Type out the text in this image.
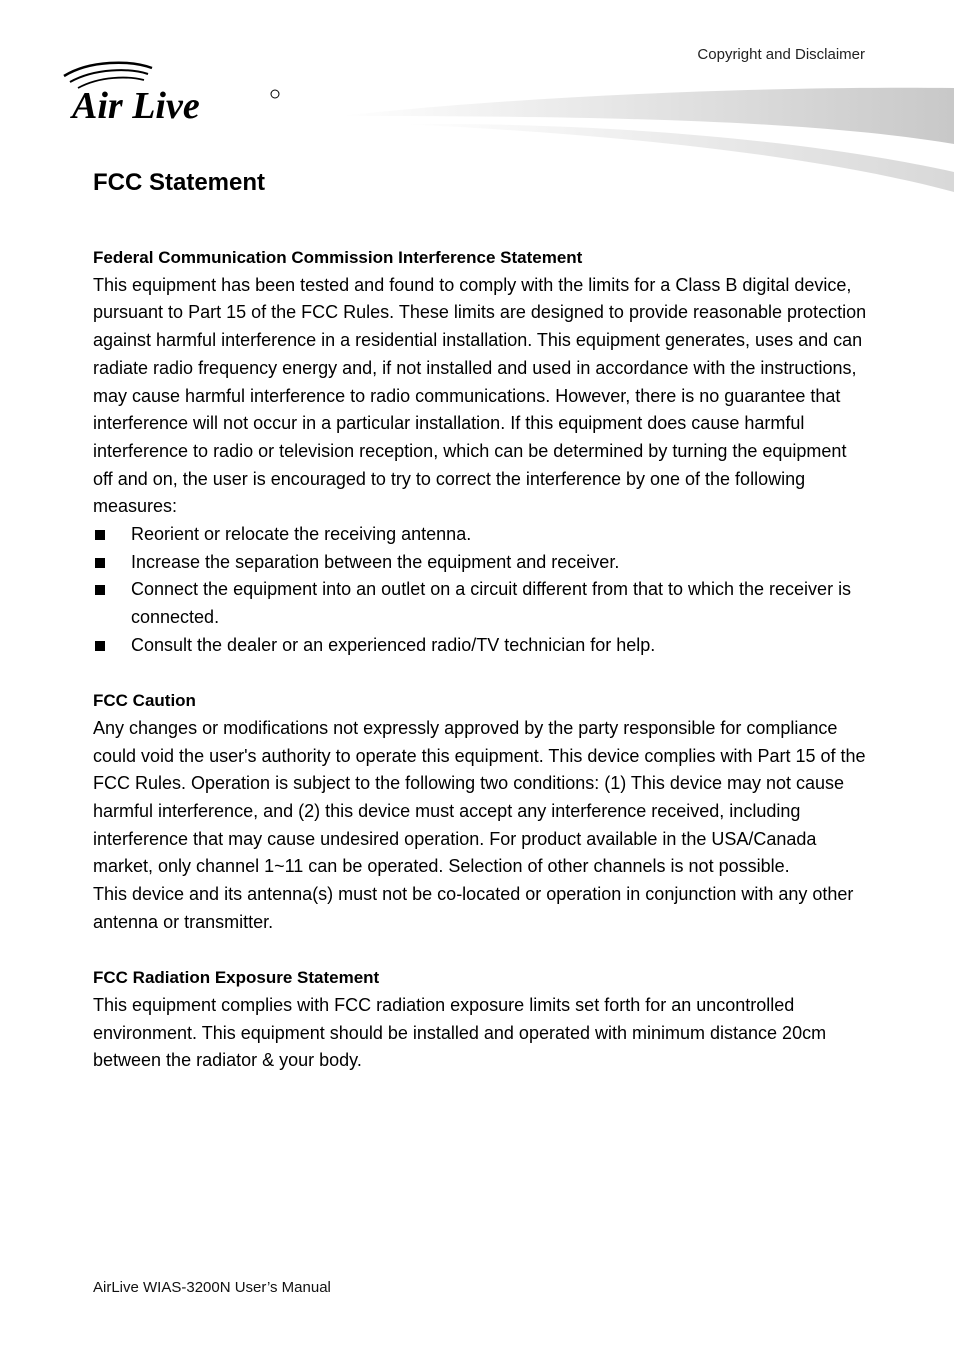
Copyright and Disclaimer
Air Live
FCC Statement
Federal Communication Commission Interference Statement

This equipment has been tested and found to comply with the limits for a Class B digital device, pursuant to Part 15 of the FCC Rules. These limits are designed to provide reasonable protection against harmful interference in a residential installation. This equipment generates, uses and can radiate radio frequency energy and, if not installed and used in accordance with the instructions, may cause harmful interference to radio communications. However, there is no guarantee that interference will not occur in a particular installation. If this equipment does cause harmful interference to radio or television reception, which can be determined by turning the equipment off and on, the user is encouraged to try to correct the interference by one of the following measures:

Reorient or relocate the receiving antenna.
Increase the separation between the equipment and receiver.
Connect the equipment into an outlet on a circuit different from that to which the receiver is connected.
Consult the dealer or an experienced radio/TV technician for help.
FCC Caution

Any changes or modifications not expressly approved by the party responsible for compliance could void the user's authority to operate this equipment. This device complies with Part 15 of the FCC Rules. Operation is subject to the following two conditions: (1) This device may not cause harmful interference, and (2) this device must accept any interference received, including interference that may cause undesired operation. For product available in the USA/Canada market, only channel 1~11 can be operated. Selection of other channels is not possible.

This device and its antenna(s) must not be co-located or operation in conjunction with any other antenna or transmitter.

FCC Radiation Exposure Statement

This equipment complies with FCC radiation exposure limits set forth for an uncontrolled environment. This equipment should be installed and operated with minimum distance 20cm between the radiator & your body.

AirLive WIAS-3200N User’s Manual
